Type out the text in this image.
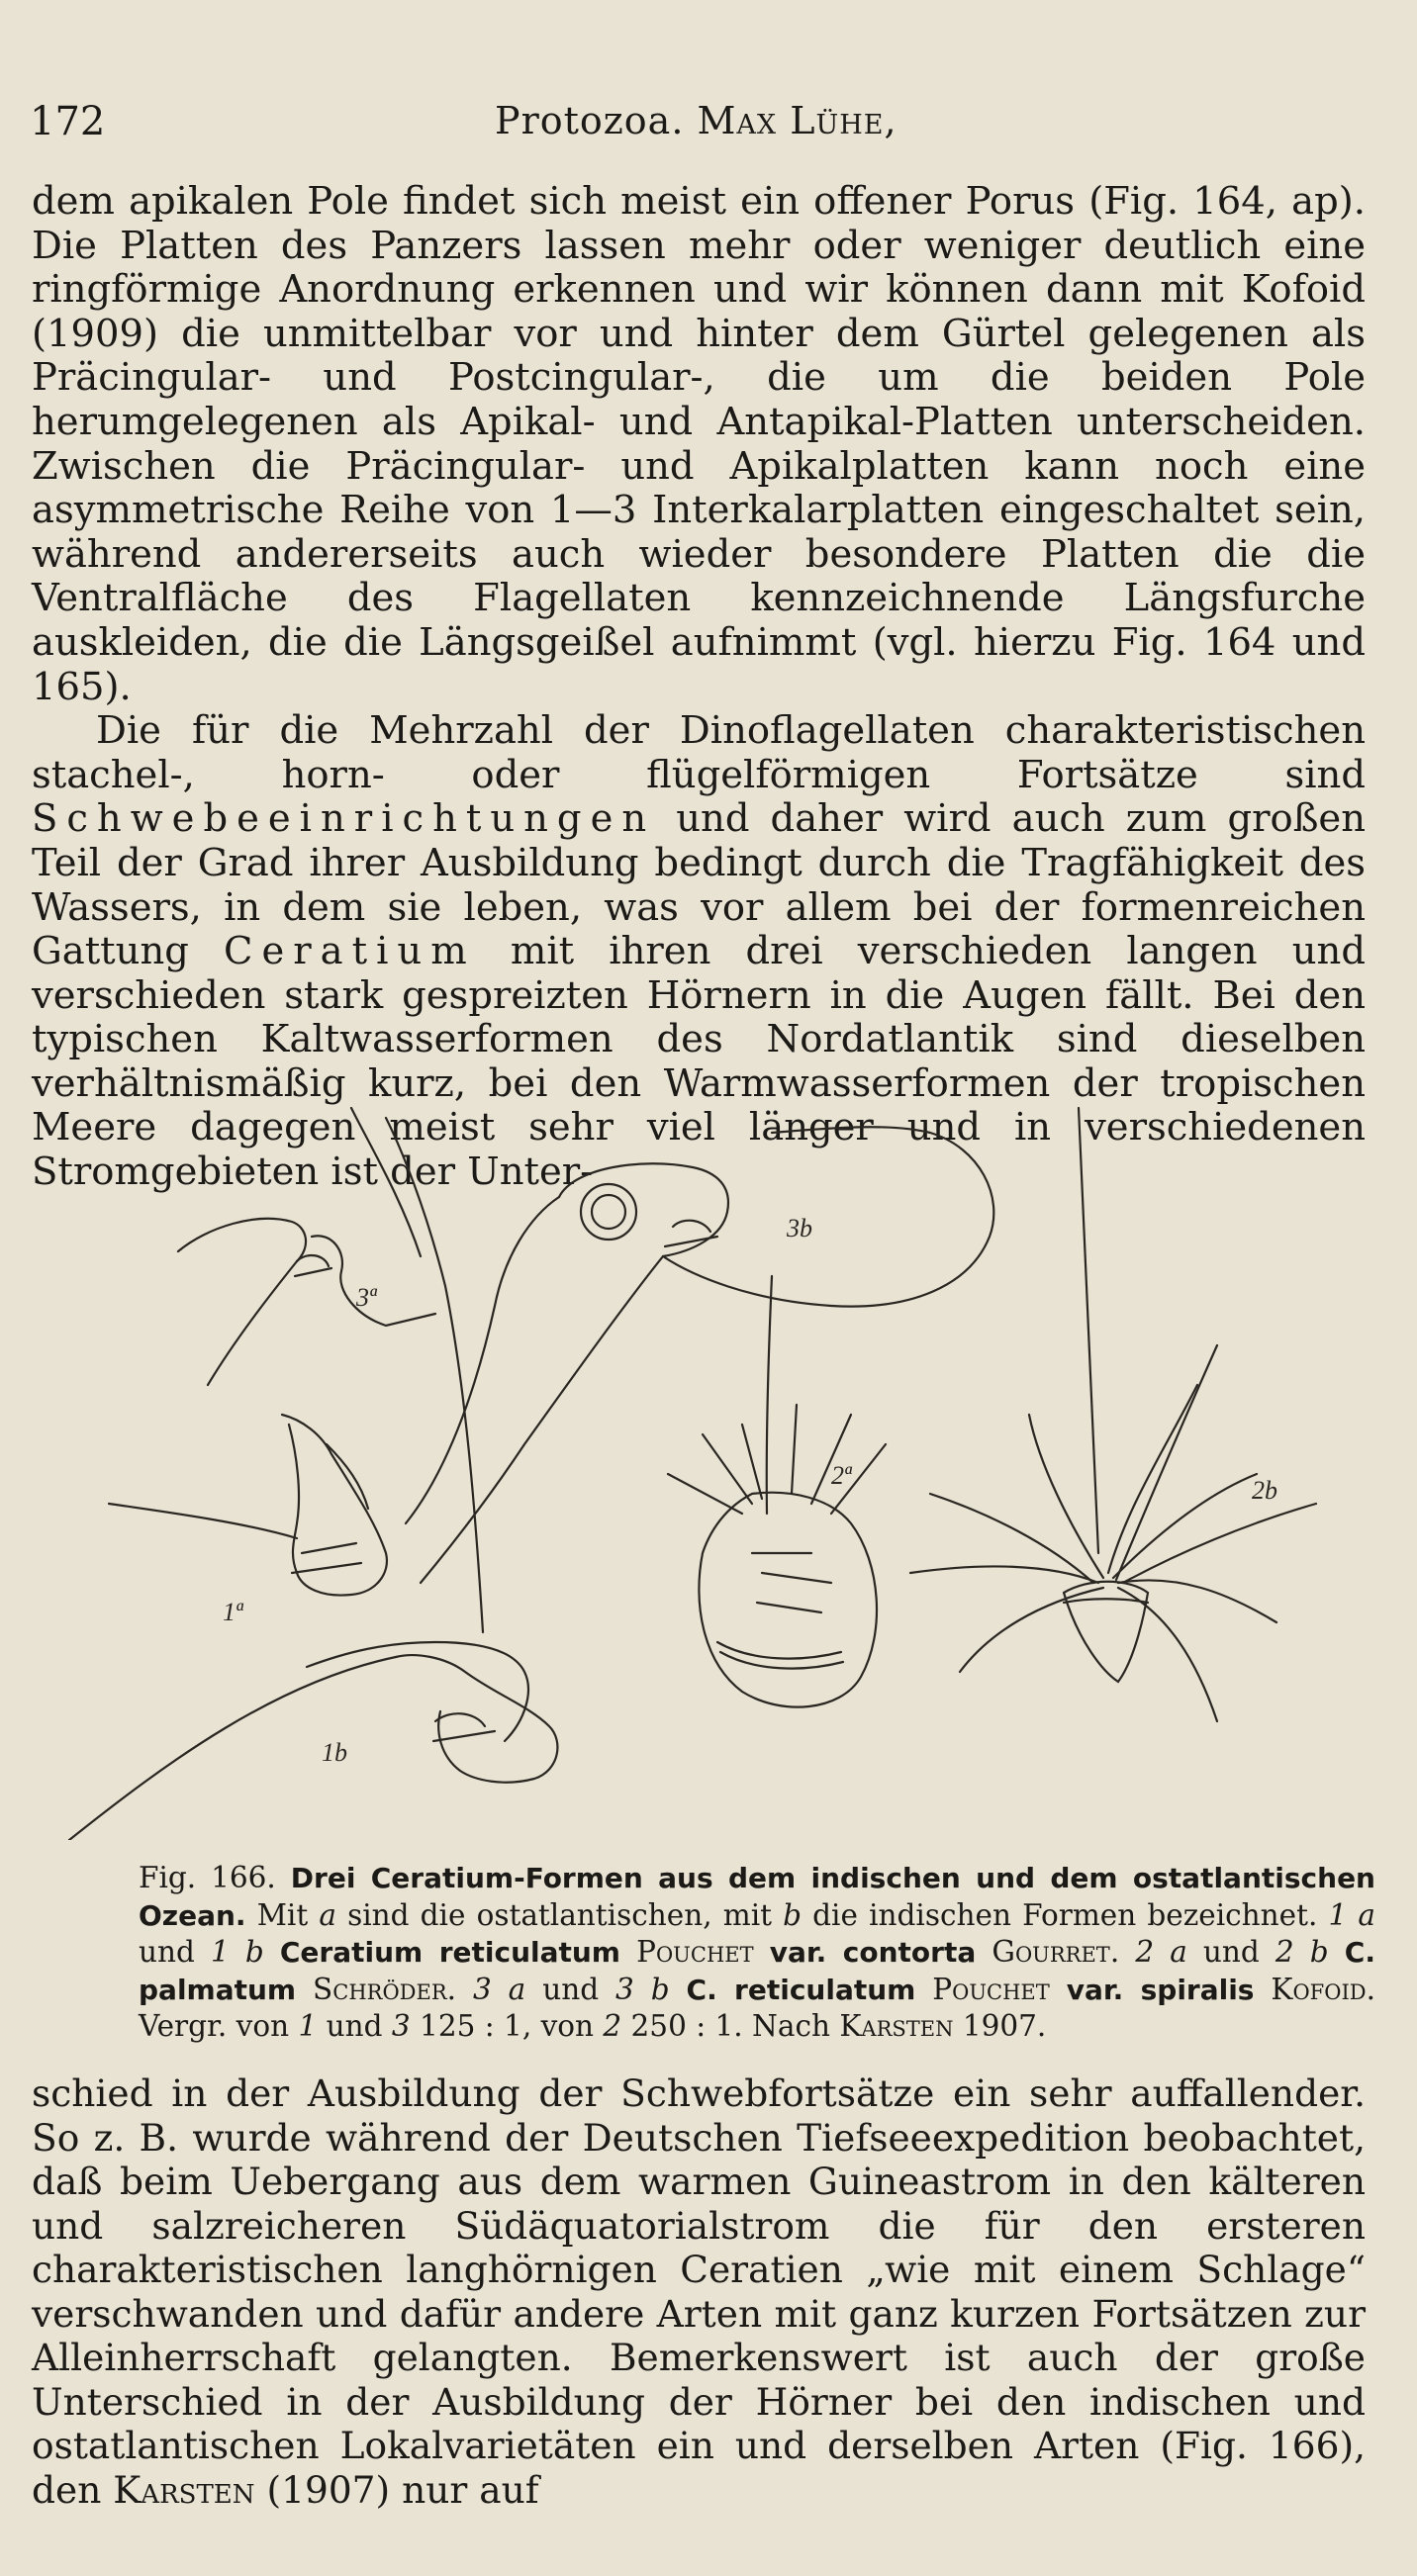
172	Protozoa. Max Lühe,

dem apikalen Pole findet sich meist ein offener Porus (Fig. 164, ap). Die Platten des Panzers lassen mehr oder weniger deutlich eine ringförmige Anordnung erkennen und wir können dann mit Kofoid (1909) die unmittelbar vor und hinter dem Gürtel gelegenen als Präcingular- und Postcingular-, die um die beiden Pole herumgelegenen als Apikal- und Antapikal-Platten unterscheiden. Zwischen die Präcingular- und Apikalplatten kann noch eine asymmetrische Reihe von 1—3 Interkalarplatten eingeschaltet sein, während andererseits auch wieder besondere Platten die die Ventralfläche des Flagellaten kennzeichnende Längsfurche auskleiden, die die Längsgeißel aufnimmt (vgl. hierzu Fig. 164 und 165).

Die für die Mehrzahl der Dinoflagellaten charakteristischen stachel-, horn- oder flügelförmigen Fortsätze sind Schwebeeinrichtungen und daher wird auch zum großen Teil der Grad ihrer Ausbildung bedingt durch die Tragfähigkeit des Wassers, in dem sie leben, was vor allem bei der formenreichen Gattung Ceratium mit ihren drei verschieden langen und verschieden stark gespreizten Hörnern in die Augen fällt. Bei den typischen Kaltwasserformen des Nordatlantik sind dieselben verhältnismäßig kurz, bei den Warmwasserformen der tropischen Meere dagegen meist sehr viel länger und in verschiedenen Stromgebieten ist der Unter-

3ª
3b
2ª
2b
1ª
1b
Fig. 166. Drei Ceratium-Formen aus dem indischen und dem ostatlantischen Ozean. Mit a sind die ostatlantischen, mit b die indischen Formen bezeichnet. 1 a und 1 b Ceratium reticulatum Pouchet var. contorta Gourret. 2 a und 2 b C. palmatum Schröder. 3 a und 3 b C. reticulatum Pouchet var. spiralis Kofoid. Vergr. von 1 und 3 125 : 1, von 2 250 : 1. Nach Karsten 1907.

schied in der Ausbildung der Schwebfortsätze ein sehr auffallender. So z. B. wurde während der Deutschen Tiefseeexpedition beobachtet, daß beim Uebergang aus dem warmen Guineastrom in den kälteren und salzreicheren Südäquatorialstrom die für den ersteren charakteristischen langhörnigen Ceratien „wie mit einem Schlage“ verschwanden und dafür andere Arten mit ganz kurzen Fortsätzen zur Alleinherrschaft gelangten. Bemerkenswert ist auch der große Unterschied in der Ausbildung der Hörner bei den indischen und ostatlantischen Lokalvarietäten ein und derselben Arten (Fig. 166), den Karsten (1907) nur auf
